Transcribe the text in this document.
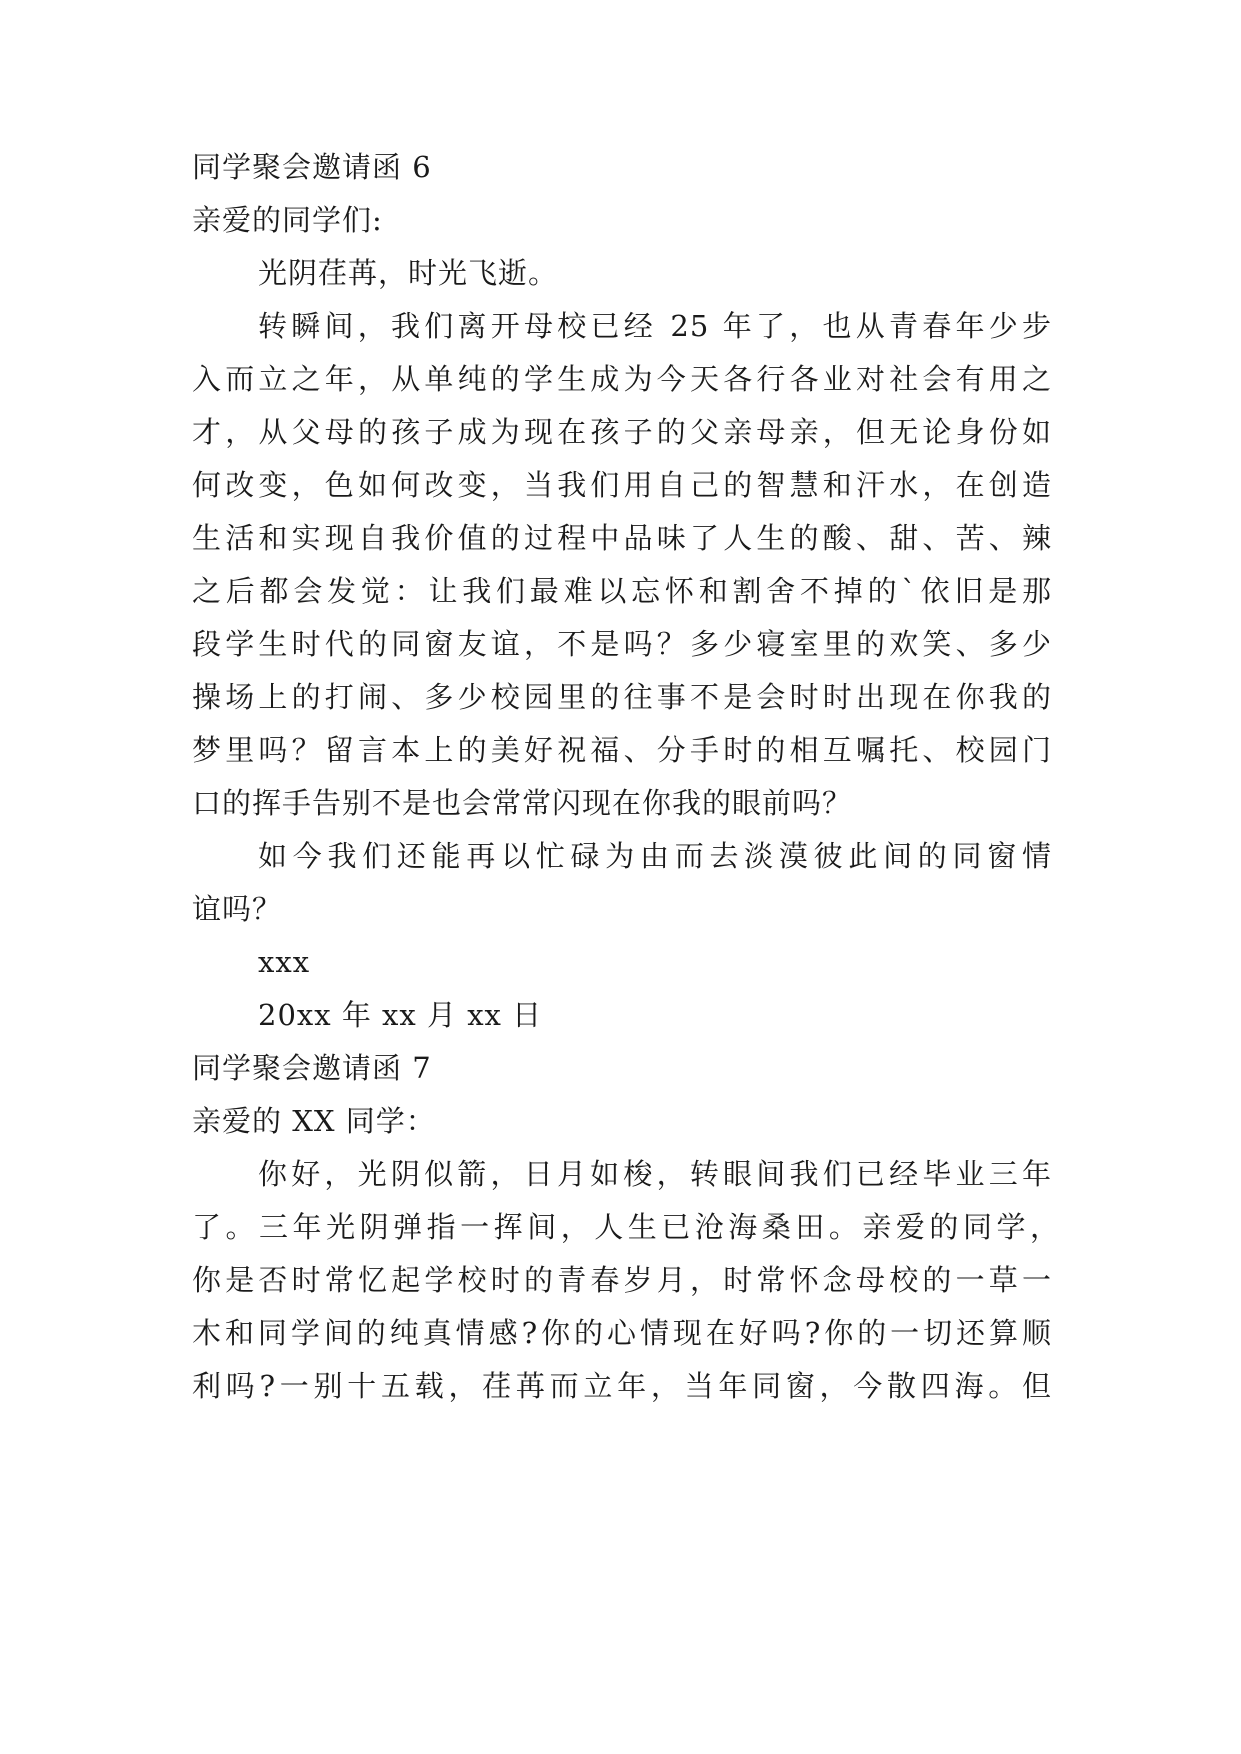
同学聚会邀请函 6
亲爱的同学们:
光阴荏苒，时光飞逝。
转瞬间，我们离开母校已经 25 年了，也从青春年少步
入而立之年，从单纯的学生成为今天各行各业对社会有用之
才，从父母的孩子成为现在孩子的父亲母亲，但无论身份如
何改变，色如何改变，当我们用自己的智慧和汗水，在创造
生活和实现自我价值的过程中品味了人生的酸、甜、苦、辣
之后都会发觉：让我们最难以忘怀和割舍不掉的`依旧是那
段学生时代的同窗友谊，不是吗？多少寝室里的欢笑、多少
操场上的打闹、多少校园里的往事不是会时时出现在你我的
梦里吗？留言本上的美好祝福、分手时的相互嘱托、校园门
口的挥手告别不是也会常常闪现在你我的眼前吗？
如今我们还能再以忙碌为由而去淡漠彼此间的同窗情
谊吗？
xxx
20xx 年 xx 月 xx 日
同学聚会邀请函 7
亲爱的 XX 同学：
你好，光阴似箭，日月如梭，转眼间我们已经毕业三年
了。三年光阴弹指一挥间，人生已沧海桑田。亲爱的同学，
你是否时常忆起学校时的青春岁月，时常怀念母校的一草一
木和同学间的纯真情感?你的心情现在好吗?你的一切还算顺
利吗?一别十五载，荏苒而立年，当年同窗，今散四海。但
